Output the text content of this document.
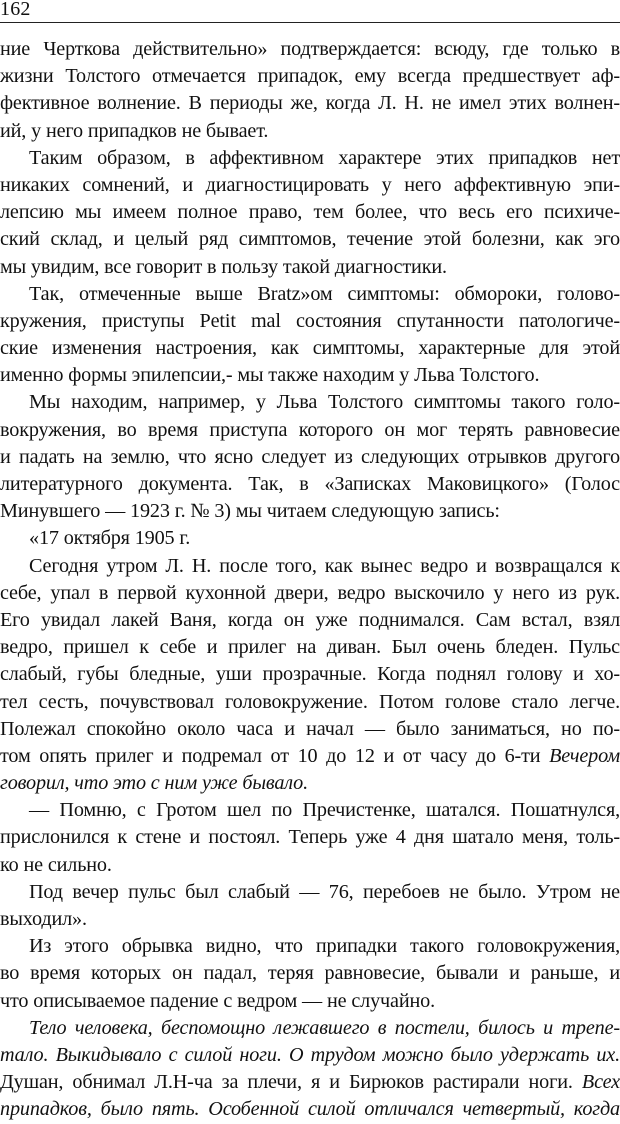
162
ние Черткова действительно» подтверждается: всюду, где только в
жизни Толстого отмечается припадок, ему всегда предшествует аф-
фективное волнение. В периоды же, когда Л. Н. не имел этих волнен-
ий, у него припадков не бывает.
Таким образом, в аффективном характере этих припадков нет
никаких сомнений, и диагностицировать у него аффективную эпи-
лепсию мы имеем полное право, тем более, что весь его психиче-
ский склад, и целый ряд симптомов, течение этой болезни, как эго
мы увидим, все говорит в пользу такой диагностики.
Так, отмеченные выше Bratz»ом симптомы: обмороки, голово-
кружения, приступы Petit mal состояния спутанности патологиче-
ские изменения настроения, как симптомы, характерные для этой
именно формы эпилепсии,- мы также находим у Льва Толстого.
Мы находим, например, у Льва Толстого симптомы такого голо-
вокружения, во время приступа которого он мог терять равновесие
и падать на землю, что ясно следует из следующих отрывков другого
литературного документа. Так, в «Записках Маковицкого» (Голос
Минувшего — 1923 г. № 3) мы читаем следующую запись:
«17 октября 1905 г.
Сегодня утром Л. Н. после того, как вынес ведро и возвращался к
себе, упал в первой кухонной двери, ведро выскочило у него из рук.
Его увидал лакей Ваня, когда он уже поднимался. Сам встал, взял
ведро, пришел к себе и прилег на диван. Был очень бледен. Пульс
слабый, губы бледные, уши прозрачные. Когда поднял голову и хо-
тел сесть, почувствовал головокружение. Потом голове стало легче.
Полежал спокойно около часа и начал — было заниматься, но по-
том опять прилег и подремал от 10 до 12 и от часу до 6-ти Вечером
говорил, что это с ним уже бывало.
— Помню, с Гротом шел по Пречистенке, шатался. Пошатнулся,
прислонился к стене и постоял. Теперь уже 4 дня шатало меня, толь-
ко не сильно.
Под вечер пульс был слабый — 76, перебоев не было. Утром не
выходил».
Из этого обрывка видно, что припадки такого головокружения,
во время которых он падал, теряя равновесие, бывали и раньше, и
что описываемое падение с ведром — не случайно.
Тело человека, беспомощно лежавшего в постели, билось и трепе-
тало. Выкидывало с силой ноги. О трудом можно было удержать их.
Душан, обнимал Л.Н-ча за плечи, я и Бирюков растирали ноги. Всех
припадков, было пять. Особенной силой отличался четвертый, когда
